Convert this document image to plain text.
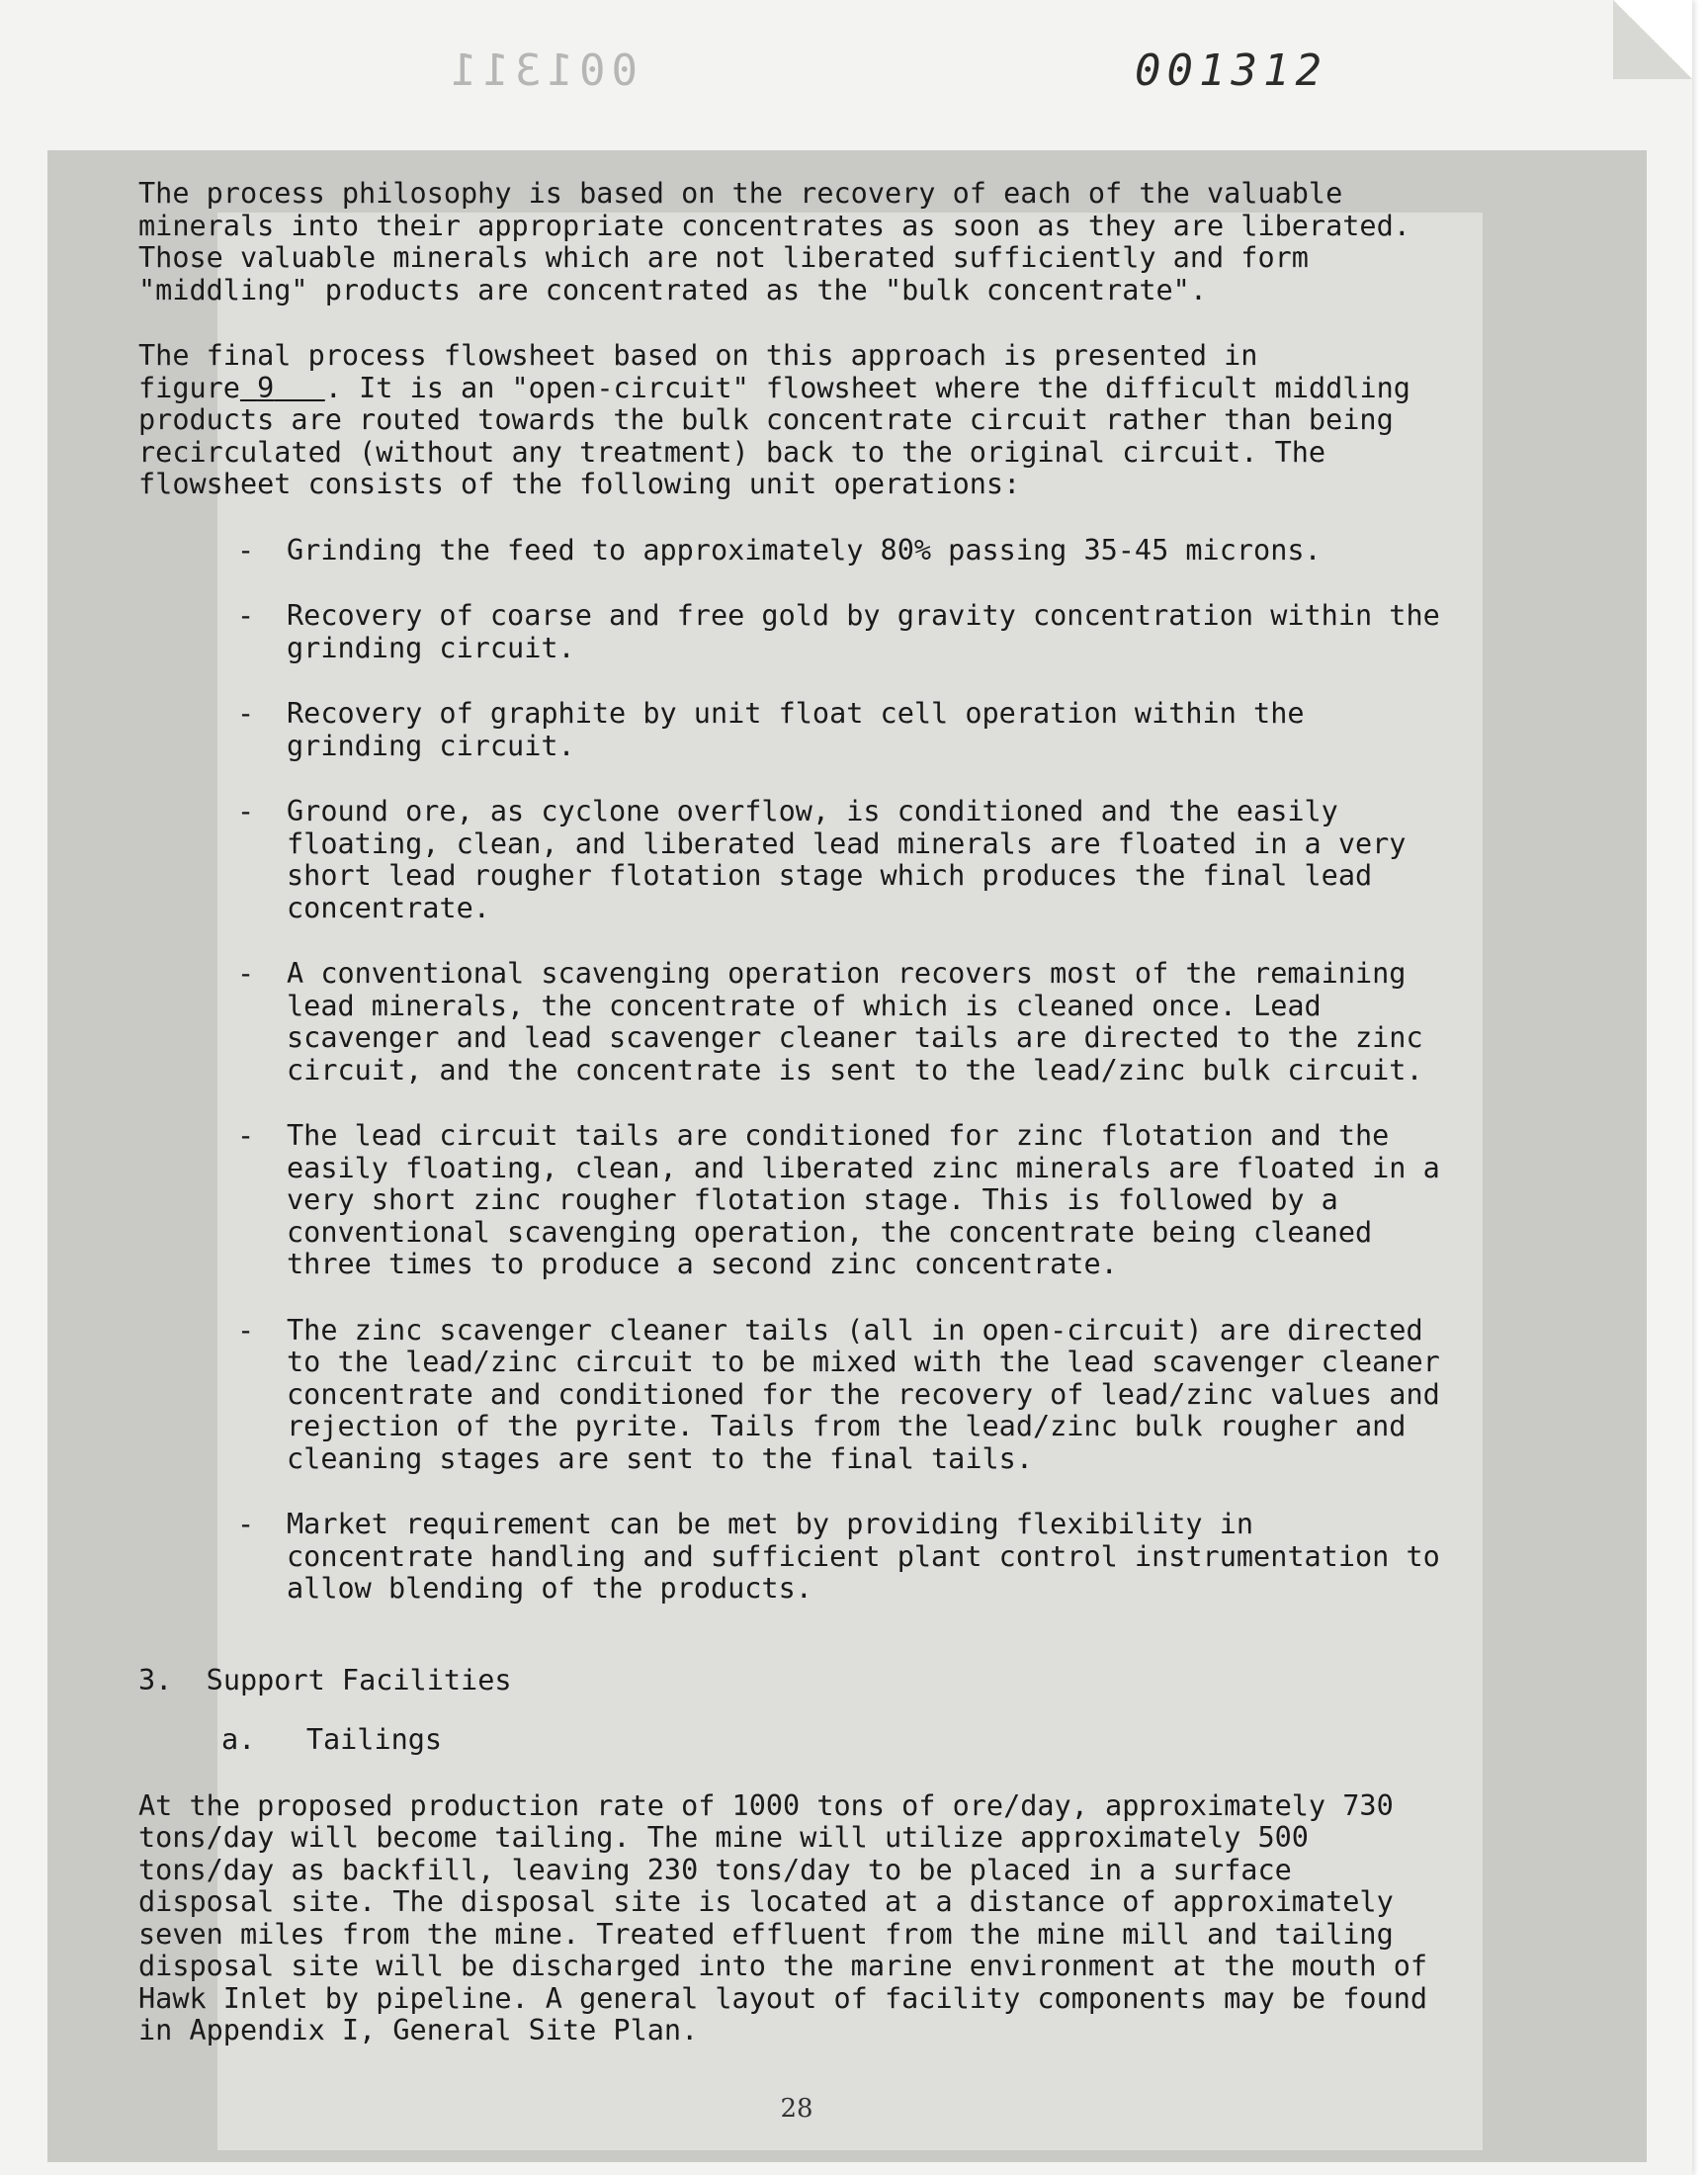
001311	001312

The process philosophy is based on the recovery of each of the valuable minerals into their appropriate concentrates as soon as they are liberated. Those valuable minerals which are not liberated sufficiently and form "middling" products are concentrated as the "bulk concentrate".

The final process flowsheet based on this approach is presented in figure 9 . It is an "open-circuit" flowsheet where the difficult middling products are routed towards the bulk concentrate circuit rather than being recirculated (without any treatment) back to the original circuit. The flowsheet consists of the following unit operations:

- Grinding the feed to approximately 80% passing 35-45 microns.
- Recovery of coarse and free gold by gravity concentration within the grinding circuit.
- Recovery of graphite by unit float cell operation within the grinding circuit.
- Ground ore, as cyclone overflow, is conditioned and the easily floating, clean, and liberated lead minerals are floated in a very short lead rougher flotation stage which produces the final lead concentrate.
- A conventional scavenging operation recovers most of the remaining lead minerals, the concentrate of which is cleaned once. Lead scavenger and lead scavenger cleaner tails are directed to the zinc circuit, and the concentrate is sent to the lead/zinc bulk circuit.
- The lead circuit tails are conditioned for zinc flotation and the easily floating, clean, and liberated zinc minerals are floated in a very short zinc rougher flotation stage. This is followed by a conventional scavenging operation, the concentrate being cleaned three times to produce a second zinc concentrate.
- The zinc scavenger cleaner tails (all in open-circuit) are directed to the lead/zinc circuit to be mixed with the lead scavenger cleaner concentrate and conditioned for the recovery of lead/zinc values and rejection of the pyrite. Tails from the lead/zinc bulk rougher and cleaning stages are sent to the final tails.
- Market requirement can be met by providing flexibility in concentrate handling and sufficient plant control instrumentation to allow blending of the products.
3. Support Facilities
a. Tailings

At the proposed production rate of 1000 tons of ore/day, approximately 730 tons/day will become tailing. The mine will utilize approximately 500 tons/day as backfill, leaving 230 tons/day to be placed in a surface disposal site. The disposal site is located at a distance of approximately seven miles from the mine. Treated effluent from the mine mill and tailing disposal site will be discharged into the marine environment at the mouth of Hawk Inlet by pipeline. A general layout of facility components may be found in Appendix I, General Site Plan.

28
